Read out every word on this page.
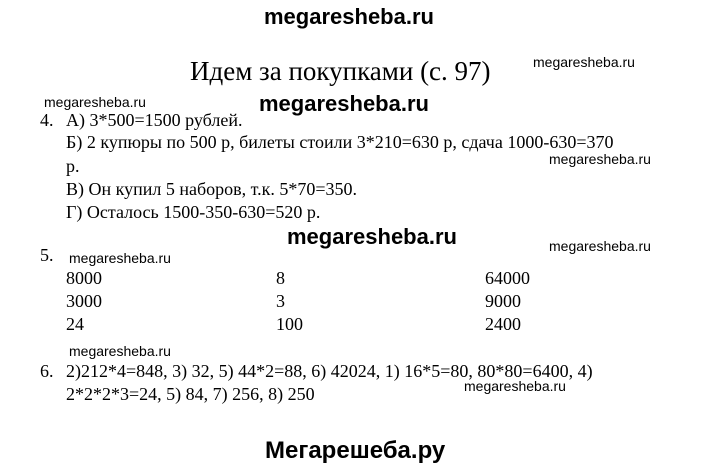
megaresheba.ru
Идем за покупками (с. 97)	megaresheba.ru
megaresheba.ru	megaresheba.ru
4. А) 3*500=1500 рублей.
Б) 2 купюры по 500 р, билеты стоили 3*210=630 р, сдача 1000-630=370
р.	megaresheba.ru
В) Он купил 5 наборов, т.к. 5*70=350.
Г) Осталось 1500-350-630=520 р.
megaresheba.ru	megaresheba.ru
5. megaresheba.ru
8000	8	64000
3000	3	9000
24	100	2400
megaresheba.ru
6. 2)212*4=848, 3) 32, 5) 44*2=88, 6) 42024, 1) 16*5=80, 80*80=6400, 4)
megaresheba.ru
2*2*2*3=24, 5) 84, 7) 256, 8) 250
Мегарешеба.ру
